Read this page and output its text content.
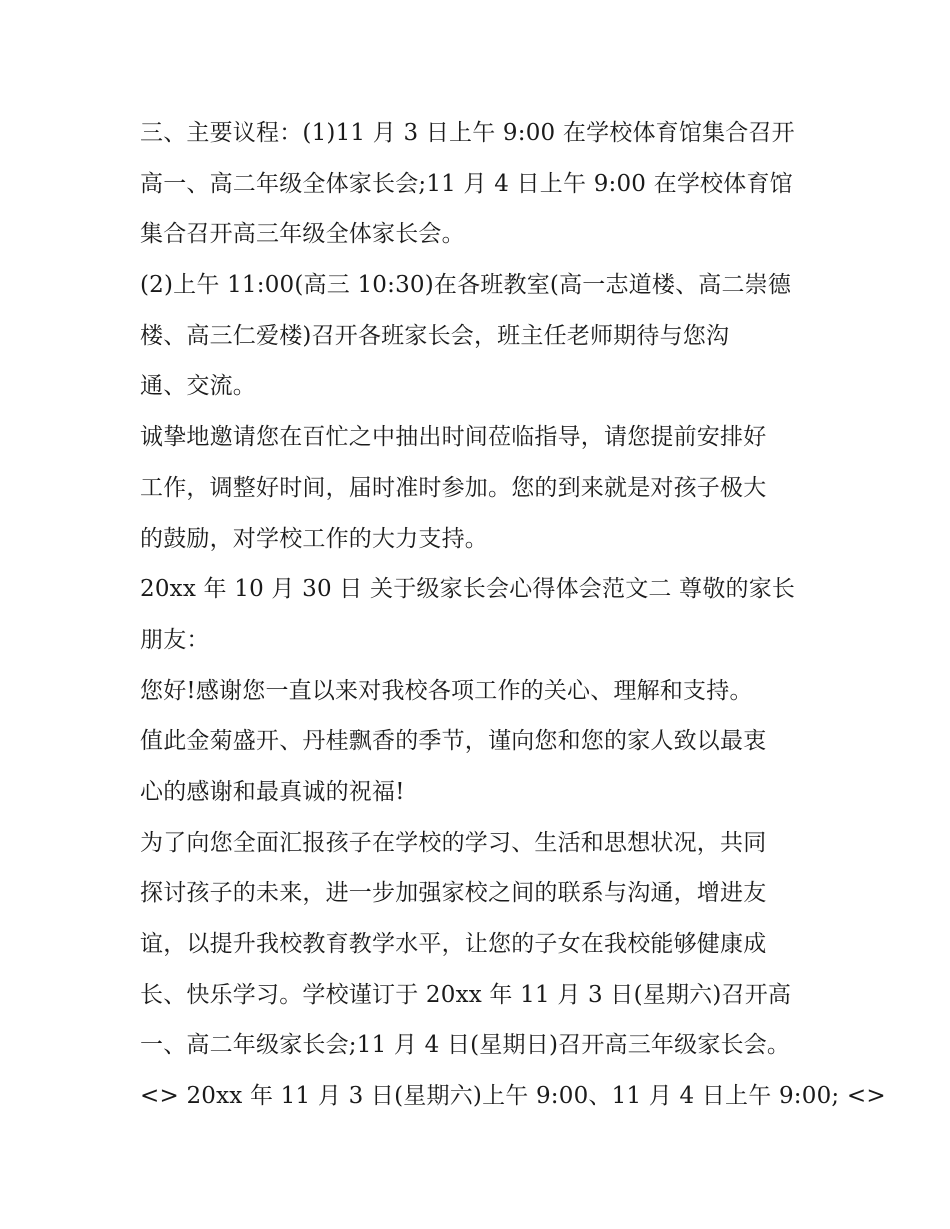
三、主要议程：(1)11 月 3 日上午 9:00 在学校体育馆集合召开
高一、高二年级全体家长会;11 月 4 日上午 9:00 在学校体育馆
集合召开高三年级全体家长会。
(2)上午 11:00(高三 10:30)在各班教室(高一志道楼、高二崇德
楼、高三仁爱楼)召开各班家长会，班主任老师期待与您沟
通、交流。
诚挚地邀请您在百忙之中抽出时间莅临指导，请您提前安排好
工作，调整好时间，届时准时参加。您的到来就是对孩子极大
的鼓励，对学校工作的大力支持。
20xx 年 10 月 30 日 关于级家长会心得体会范文二 尊敬的家长
朋友：
您好!感谢您一直以来对我校各项工作的关心、理解和支持。
值此金菊盛开、丹桂飘香的季节，谨向您和您的家人致以最衷
心的感谢和最真诚的祝福!
为了向您全面汇报孩子在学校的学习、生活和思想状况，共同
探讨孩子的未来，进一步加强家校之间的联系与沟通，增进友
谊，以提升我校教育教学水平，让您的子女在我校能够健康成
长、快乐学习。学校谨订于 20xx 年 11 月 3 日(星期六)召开高
一、高二年级家长会;11 月 4 日(星期日)召开高三年级家长会。
<> 20xx 年 11 月 3 日(星期六)上午 9:00、11 月 4 日上午 9:00; <>
